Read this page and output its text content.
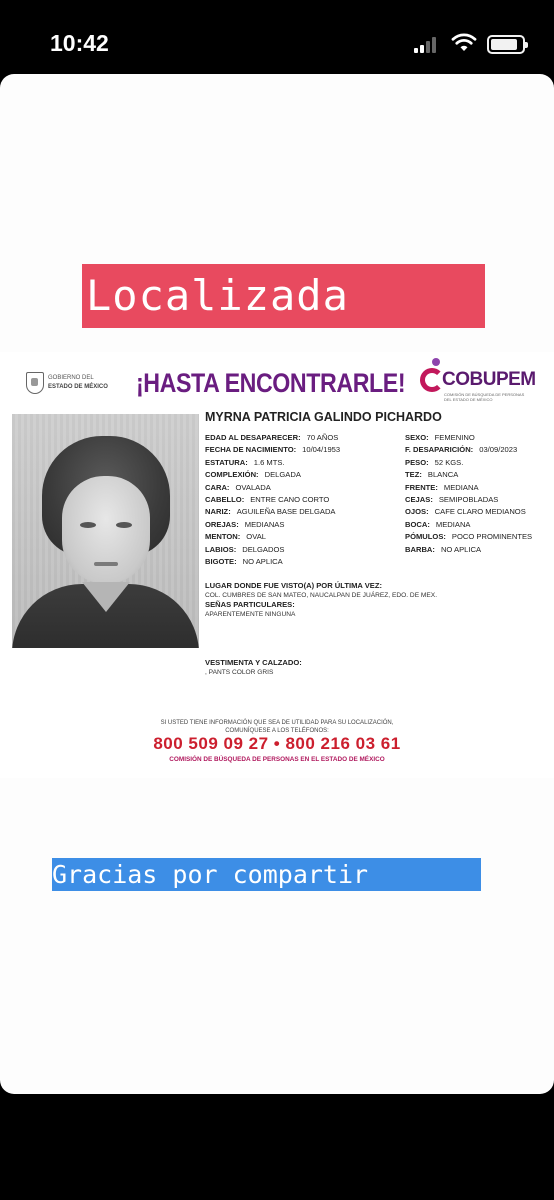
10:42
Localizada
GOBIERNO DEL
ESTADO DE MÉXICO ¡HASTA ENCONTRARLE! COBUPEM
COMISIÓN DE BÚSQUEDA DE PERSONAS
DEL ESTADO DE MÉXICO
MYRNA PATRICIA GALINDO PICHARDO
EDAD AL DESAPARECER: 70 AÑOS
FECHA DE NACIMIENTO: 10/04/1953
ESTATURA: 1.6 MTS.
COMPLEXIÓN: DELGADA
CARA: OVALADA
CABELLO: ENTRE CANO CORTO
NARIZ: AGUILEÑA BASE DELGADA
OREJAS: MEDIANAS
MENTON: OVAL
LABIOS: DELGADOS
BIGOTE: NO APLICA
SEXO: FEMENINO
F. DESAPARICIÓN: 03/09/2023
PESO: 52 KGS.
TEZ: BLANCA
FRENTE: MEDIANA
CEJAS: SEMIPOBLADAS
OJOS: CAFE CLARO MEDIANOS
BOCA: MEDIANA
PÓMULOS: POCO PROMINENTES
BARBA: NO APLICA
LUGAR DONDE FUE VISTO(A) POR ÚLTIMA VEZ:
COL. CUMBRES DE SAN MATEO, NAUCALPAN DE JUÁREZ, EDO. DE MEX.
SEÑAS PARTICULARES:
APARENTEMENTE NINGUNA
VESTIMENTA Y CALZADO:
, PANTS COLOR GRIS
SI USTED TIENE INFORMACIÓN QUE SEA DE UTILIDAD PARA SU LOCALIZACIÓN,
COMUNÍQUESE A LOS TELÉFONOS:
800 509 09 27 • 800 216 03 61
COMISIÓN DE BÚSQUEDA DE PERSONAS EN EL ESTADO DE MÉXICO
Gracias por compartir
